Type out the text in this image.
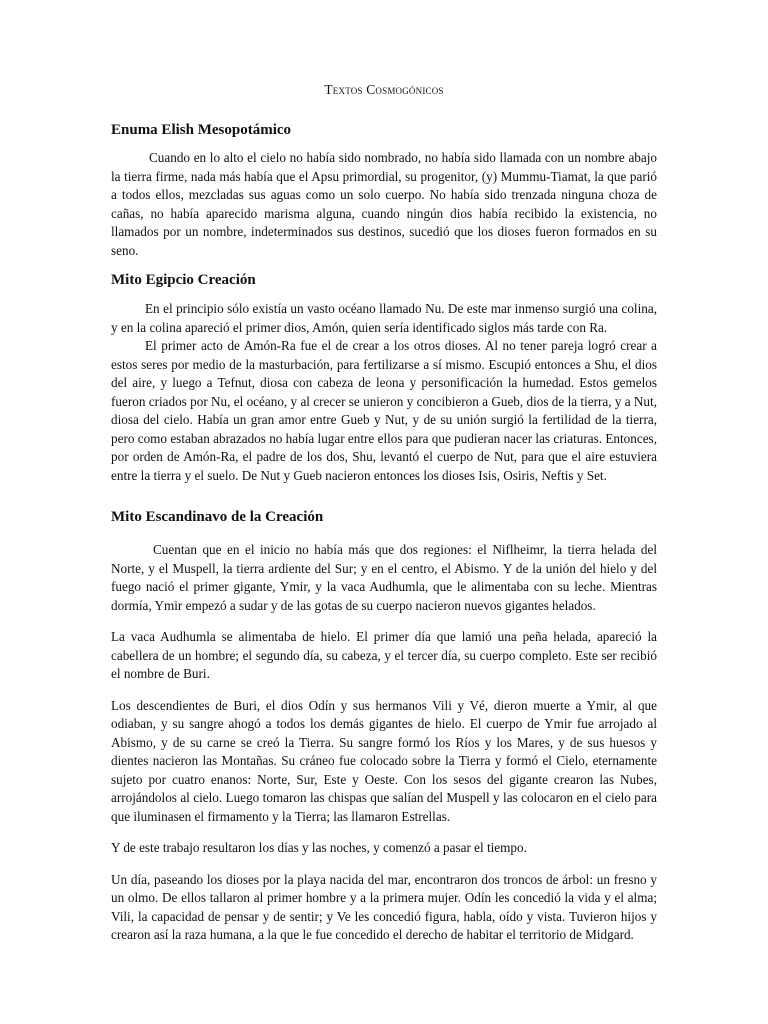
Textos Cosmogónicos
Enuma Elish Mesopotámico

Cuando en lo alto el cielo no había sido nombrado, no había sido llamada con un nombre abajo la tierra firme, nada más había que el Apsu primordial, su progenitor, (y) Mummu-Tiamat, la que parió a todos ellos, mezcladas sus aguas como un solo cuerpo. No había sido trenzada ninguna choza de cañas, no había aparecido marisma alguna, cuando ningún dios había recibido la existencia, no llamados por un nombre, indeterminados sus destinos, sucedió que los dioses fueron formados en su seno.

Mito Egipcio Creación

En el principio sólo existía un vasto océano llamado Nu. De este mar inmenso surgió una colina, y en la colina apareció el primer dios, Amón, quien sería identificado siglos más tarde con Ra.

El primer acto de Amón-Ra fue el de crear a los otros dioses. Al no tener pareja logró crear a estos seres por medio de la masturbación, para fertilizarse a sí mismo. Escupió entonces a Shu, el dios del aire, y luego a Tefnut, diosa con cabeza de leona y personificación la humedad. Estos gemelos fueron criados por Nu, el océano, y al crecer se unieron y concibieron a Gueb, dios de la tierra, y a Nut, diosa del cielo. Había un gran amor entre Gueb y Nut, y de su unión surgió la fertilidad de la tierra, pero como estaban abrazados no había lugar entre ellos para que pudieran nacer las criaturas. Entonces, por orden de Amón-Ra, el padre de los dos, Shu, levantó el cuerpo de Nut, para que el aire estuviera entre la tierra y el suelo. De Nut y Gueb nacieron entonces los dioses Isis, Osiris, Neftis y Set.

Mito Escandinavo de la Creación

Cuentan que en el inicio no había más que dos regiones: el Niflheimr, la tierra helada del Norte, y el Muspell, la tierra ardiente del Sur; y en el centro, el Abismo. Y de la unión del hielo y del fuego nació el primer gigante, Ymir, y la vaca Audhumla, que le alimentaba con su leche. Mientras dormía, Ymir empezó a sudar y de las gotas de su cuerpo nacieron nuevos gigantes helados.

La vaca Audhumla se alimentaba de hielo. El primer día que lamió una peña helada, apareció la cabellera de un hombre; el segundo día, su cabeza, y el tercer día, su cuerpo completo. Este ser recibió el nombre de Buri.

Los descendientes de Buri, el dios Odín y sus hermanos Vili y Vé, dieron muerte a Ymir, al que odiaban, y su sangre ahogó a todos los demás gigantes de hielo. El cuerpo de Ymir fue arrojado al Abismo, y de su carne se creó la Tierra. Su sangre formó los Ríos y los Mares, y de sus huesos y dientes nacieron las Montañas. Su cráneo fue colocado sobre la Tierra y formó el Cielo, eternamente sujeto por cuatro enanos: Norte, Sur, Este y Oeste. Con los sesos del gigante crearon las Nubes, arrojándolos al cielo. Luego tomaron las chispas que salían del Muspell y las colocaron en el cielo para que iluminasen el firmamento y la Tierra; las llamaron Estrellas.

Y de este trabajo resultaron los días y las noches, y comenzó a pasar el tiempo.

Un día, paseando los dioses por la playa nacida del mar, encontraron dos troncos de árbol: un fresno y un olmo. De ellos tallaron al primer hombre y a la primera mujer. Odín les concedió la vida y el alma; Vili, la capacidad de pensar y de sentir; y Ve les concedió figura, habla, oído y vista. Tuvieron hijos y crearon así la raza humana, a la que le fue concedido el derecho de habitar el territorio de Midgard.
